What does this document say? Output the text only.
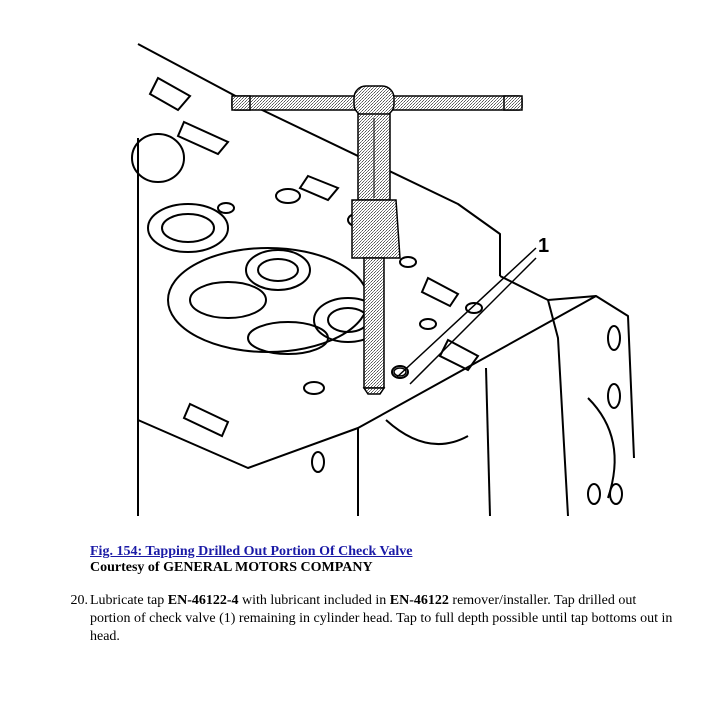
1
Fig. 154: Tapping Drilled Out Portion Of Check Valve
Courtesy of GENERAL MOTORS COMPANY
20. Lubricate tap EN-46122-4 with lubricant included in EN-46122 remover/installer. Tap drilled out portion of check valve (1) remaining in cylinder head. Tap to full depth possible until tap bottoms out in head.
